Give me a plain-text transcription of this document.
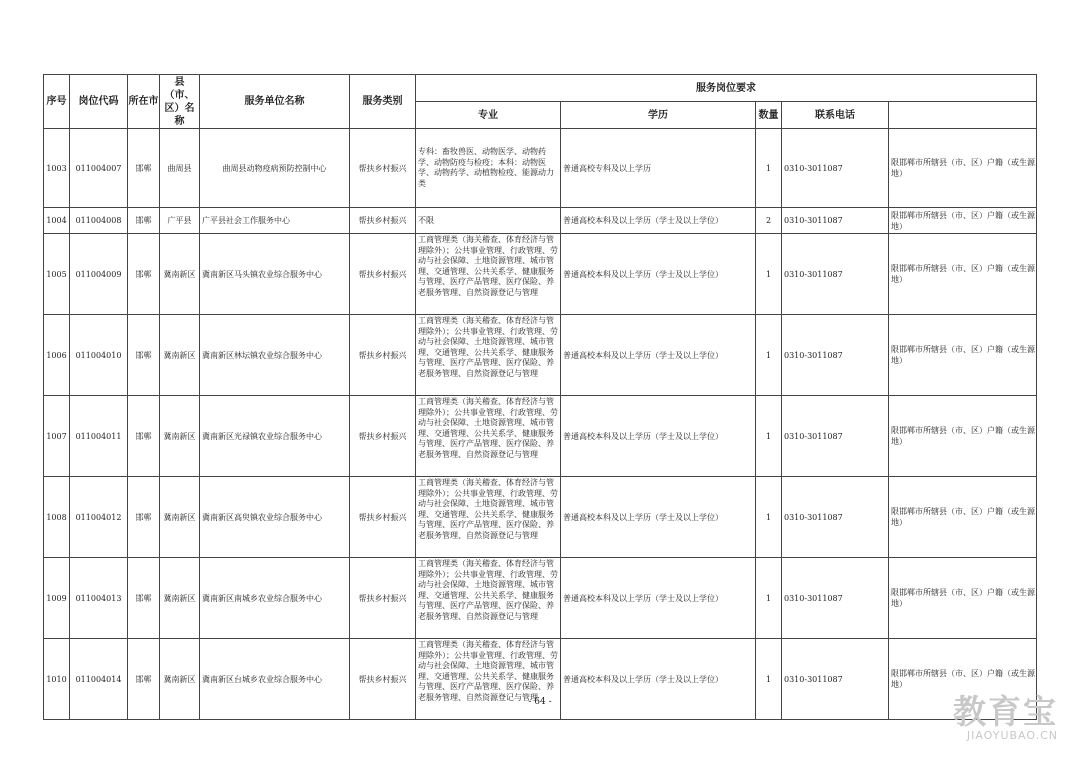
序号	岗位代码	所在市	县（市、区）名称	服务单位名称	服务类别	服务岗位要求	
						专业	学历	数量	联系电话		
1003	011004007	邯郸	曲周县	曲周县动物疫病预防控制中心	帮扶乡村振兴	专科：畜牧兽医、动物医学、动物药学、动物防疫与检疫；本科：动物医学、动物药学、动植物检疫、能源动力类	普通高校专科及以上学历	1	0310-3011087	限邯郸市所辖县（市、区）户籍（或生源地）	
1004	011004008	邯郸	广平县	广平县社会工作服务中心	帮扶乡村振兴	不限	普通高校本科及以上学历（学士及以上学位）	2	0310-3011087	限邯郸市所辖县（市、区）户籍（或生源地）	
1005	011004009	邯郸	冀南新区	冀南新区马头镇农业综合服务中心	帮扶乡村振兴	工商管理类（海关稽查、体育经济与管理除外）；公共事业管理、行政管理、劳动与社会保障、土地资源管理、城市管理、交通管理、公共关系学、健康服务与管理、医疗产品管理、医疗保险、养老服务管理、自然资源登记与管理	普通高校本科及以上学历（学士及以上学位）	1	0310-3011087	限邯郸市所辖县（市、区）户籍（或生源地）	
1006	011004010	邯郸	冀南新区	冀南新区林坛镇农业综合服务中心	帮扶乡村振兴	工商管理类（海关稽查、体育经济与管理除外）；公共事业管理、行政管理、劳动与社会保障、土地资源管理、城市管理、交通管理、公共关系学、健康服务与管理、医疗产品管理、医疗保险、养老服务管理、自然资源登记与管理	普通高校本科及以上学历（学士及以上学位）	1	0310-3011087	限邯郸市所辖县（市、区）户籍（或生源地）	
1007	011004011	邯郸	冀南新区	冀南新区光禄镇农业综合服务中心	帮扶乡村振兴	工商管理类（海关稽查、体育经济与管理除外）；公共事业管理、行政管理、劳动与社会保障、土地资源管理、城市管理、交通管理、公共关系学、健康服务与管理、医疗产品管理、医疗保险、养老服务管理、自然资源登记与管理	普通高校本科及以上学历（学士及以上学位）	1	0310-3011087	限邯郸市所辖县（市、区）户籍（或生源地）	
1008	011004012	邯郸	冀南新区	冀南新区高臾镇农业综合服务中心	帮扶乡村振兴	工商管理类（海关稽查、体育经济与管理除外）；公共事业管理、行政管理、劳动与社会保障、土地资源管理、城市管理、交通管理、公共关系学、健康服务与管理、医疗产品管理、医疗保险、养老服务管理、自然资源登记与管理	普通高校本科及以上学历（学士及以上学位）	1	0310-3011087	限邯郸市所辖县（市、区）户籍（或生源地）	
1009	011004013	邯郸	冀南新区	冀南新区南城乡农业综合服务中心	帮扶乡村振兴	工商管理类（海关稽查、体育经济与管理除外）；公共事业管理、行政管理、劳动与社会保障、土地资源管理、城市管理、交通管理、公共关系学、健康服务与管理、医疗产品管理、医疗保险、养老服务管理、自然资源登记与管理	普通高校本科及以上学历（学士及以上学位）	1	0310-3011087	限邯郸市所辖县（市、区）户籍（或生源地）	
1010	011004014	邯郸	冀南新区	冀南新区台城乡农业综合服务中心	帮扶乡村振兴	工商管理类（海关稽查、体育经济与管理除外）；公共事业管理、行政管理、劳动与社会保障、土地资源管理、城市管理、交通管理、公共关系学、健康服务与管理、医疗产品管理、医疗保险、养老服务管理、自然资源登记与管理	普通高校本科及以上学历（学士及以上学位）	1	0310-3011087	限邯郸市所辖县（市、区）户籍（或生源地）	
- 64 -	教育宝
JIAOYUBAO.CN
